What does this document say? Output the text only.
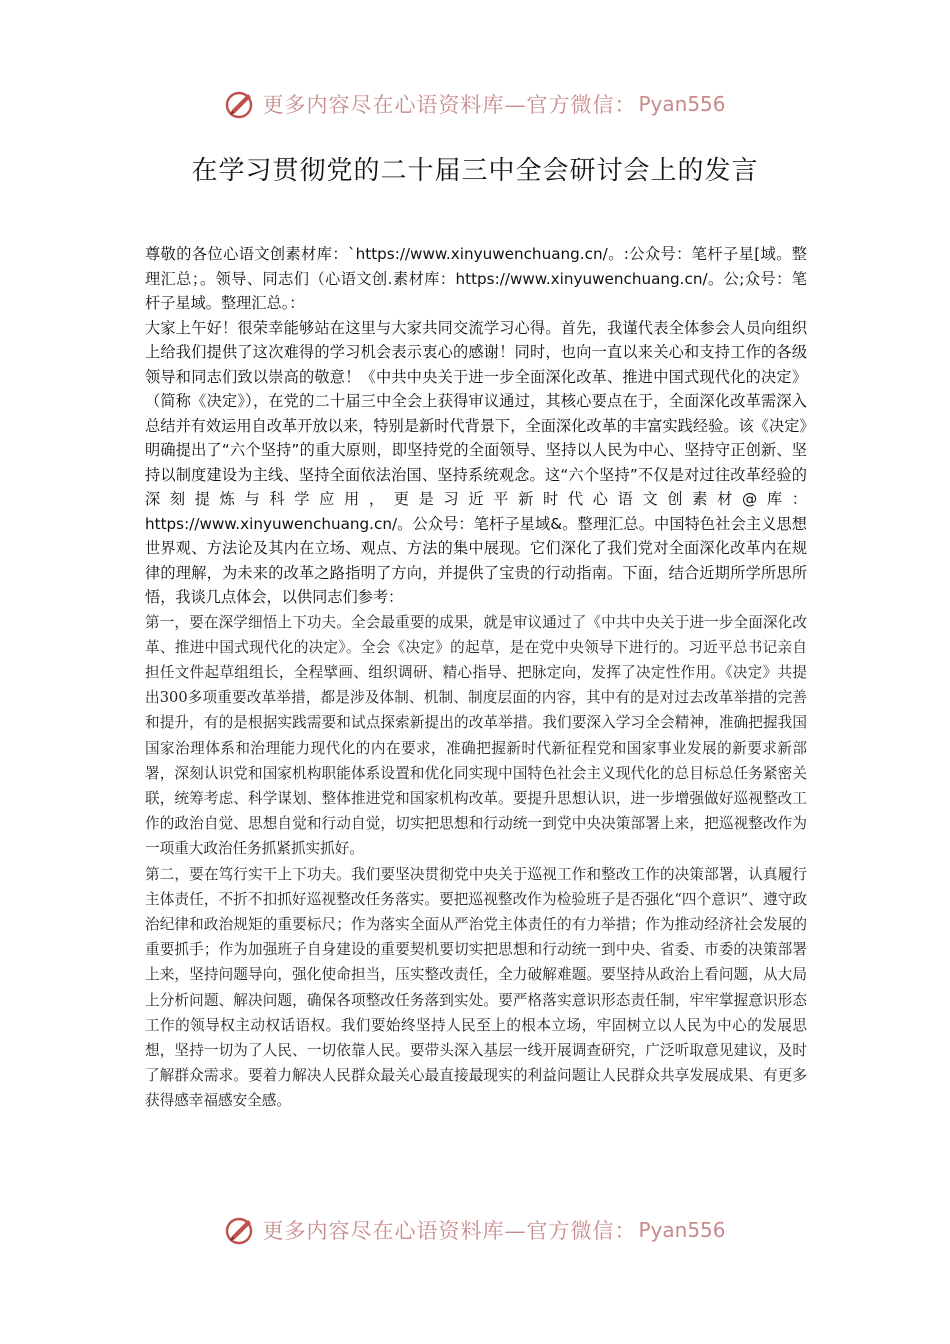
更多内容尽在心语资料库—官方微信： Pyan556
在学习贯彻党的二十届三中全会研讨会上的发言

尊敬的各位心语文创素材库：`https://www.xinyuwenchuang.cn/。:公众号：笔杆子星[域。整理汇总；。领导、同志们（心语文创.素材库：https://www.xinyuwenchuang.cn/。公;众号：笔杆子星域。整理汇总。：

大家上午好！很荣幸能够站在这里与大家共同交流学习心得。首先，我谨代表全体参会人员向组织上给我们提供了这次难得的学习机会表示衷心的感谢！同时，也向一直以来关心和支持工作的各级领导和同志们致以崇高的敬意！《中共中央关于进一步全面深化改革、推进中国式现代化的决定》（简称《决定》），在党的二十届三中全会上获得审议通过，其核心要点在于，全面深化改革需深入总结并有效运用自改革开放以来，特别是新时代背景下，全面深化改革的丰富实践经验。该《决定》明确提出了“六个坚持”的重大原则，即坚持党的全面领导、坚持以人民为中心、坚持守正创新、坚持以制度建设为主线、坚持全面依法治国、坚持系统观念。这“六个坚持”不仅是对过往改革经验的深刻提炼与科学应用，更是习近平新时代心语文创素材@库：https://www.xinyuwenchuang.cn/。公众号：笔杆子星域&。整理汇总。中国特色社会主义思想世界观、方法论及其内在立场、观点、方法的集中展现。它们深化了我们党对全面深化改革内在规律的理解，为未来的改革之路指明了方向，并提供了宝贵的行动指南。下面，结合近期所学所思所悟，我谈几点体会，以供同志们参考：

第一，要在深学细悟上下功夫。全会最重要的成果，就是审议通过了《中共中央关于进一步全面深化改革、推进中国式现代化的决定》。全会《决定》的起草，是在党中央领导下进行的。习近平总书记亲自担任文件起草组组长，全程擘画、组织调研、精心指导、把脉定向，发挥了决定性作用。《决定》共提出300多项重要改革举措，都是涉及体制、机制、制度层面的内容，其中有的是对过去改革举措的完善和提升，有的是根据实践需要和试点探索新提出的改革举措。我们要深入学习全会精神，准确把握我国国家治理体系和治理能力现代化的内在要求，准确把握新时代新征程党和国家事业发展的新要求新部署，深刻认识党和国家机构职能体系设置和优化同实现中国特色社会主义现代化的总目标总任务紧密关联，统筹考虑、科学谋划、整体推进党和国家机构改革。要提升思想认识，进一步增强做好巡视整改工作的政治自觉、思想自觉和行动自觉，切实把思想和行动统一到党中央决策部署上来，把巡视整改作为一项重大政治任务抓紧抓实抓好。

第二，要在笃行实干上下功夫。我们要坚决贯彻党中央关于巡视工作和整改工作的决策部署，认真履行主体责任，不折不扣抓好巡视整改任务落实。要把巡视整改作为检验班子是否强化“四个意识”、遵守政治纪律和政治规矩的重要标尺；作为落实全面从严治党主体责任的有力举措；作为推动经济社会发展的重要抓手；作为加强班子自身建设的重要契机要切实把思想和行动统一到中央、省委、市委的决策部署上来，坚持问题导向，强化使命担当，压实整改责任，全力破解难题。要坚持从政治上看问题，从大局上分析问题、解决问题，确保各项整改任务落到实处。要严格落实意识形态责任制，牢牢掌握意识形态工作的领导权主动权话语权。我们要始终坚持人民至上的根本立场，牢固树立以人民为中心的发展思想，坚持一切为了人民、一切依靠人民。要带头深入基层一线开展调查研究，广泛听取意见建议，及时了解群众需求。要着力解决人民群众最关心最直接最现实的利益问题让人民群众共享发展成果、有更多获得感幸福感安全感。

更多内容尽在心语资料库—官方微信： Pyan556
